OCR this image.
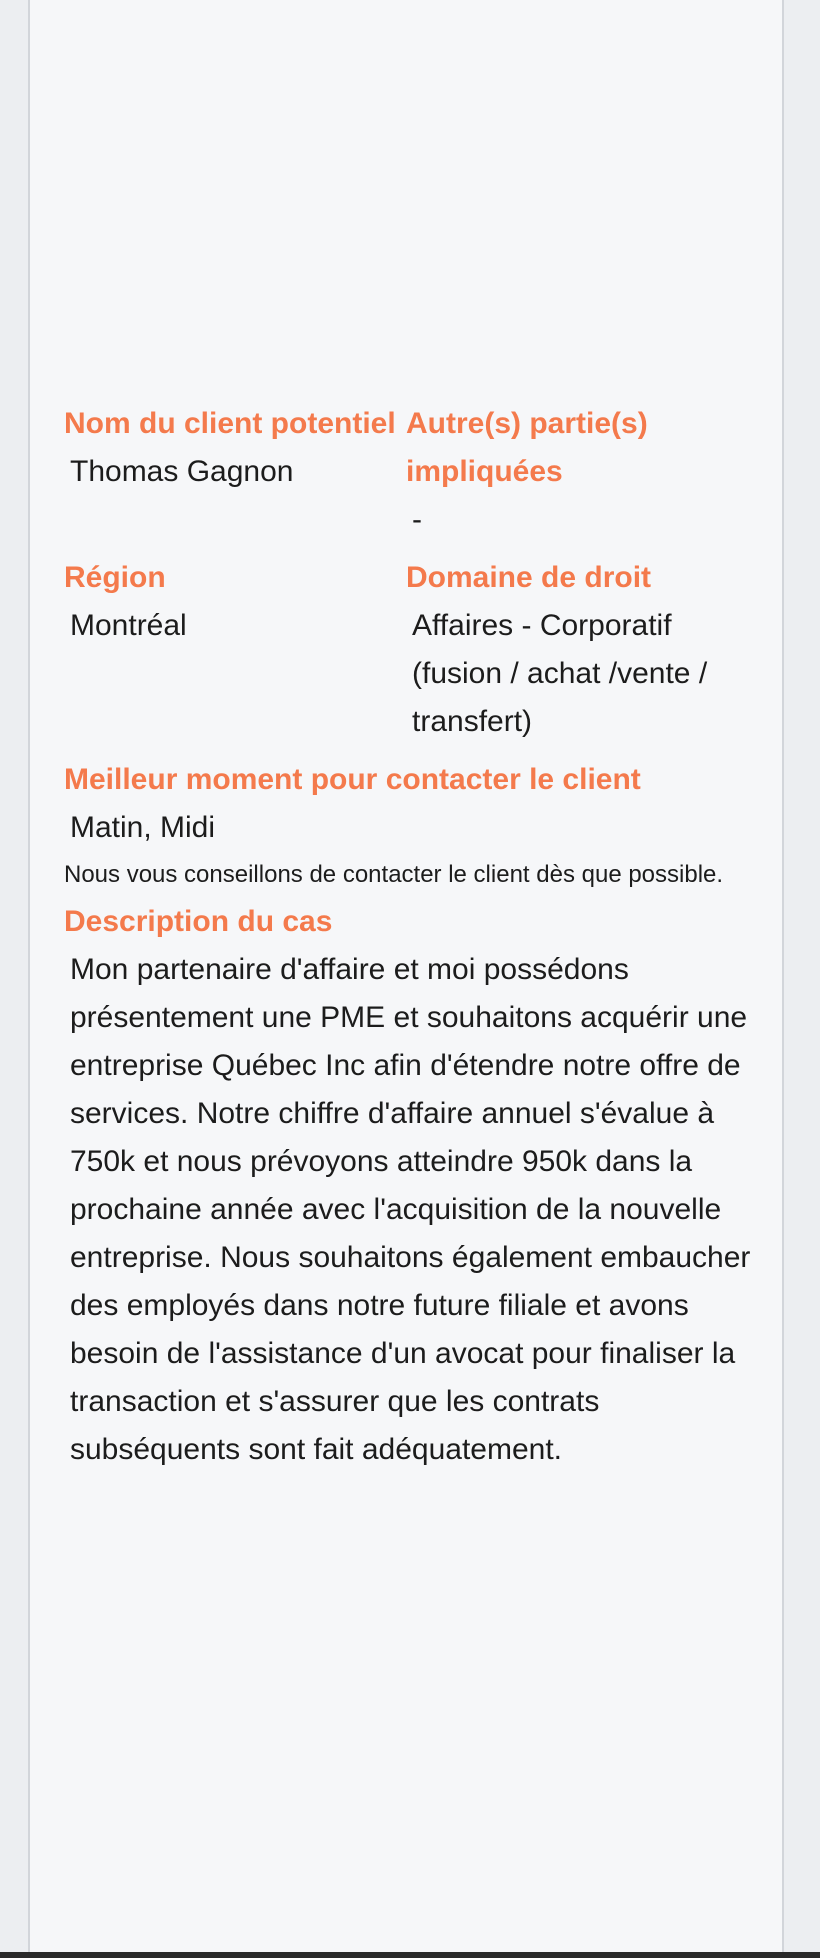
Nom du client potentiel

Thomas Gagnon

Autre(s) partie(s) impliquées

-

Région

Montréal

Domaine de droit

Affaires - Corporatif (fusion / achat /vente / transfert)

Meilleur moment pour contacter le client

Matin, Midi

Nous vous conseillons de contacter le client dès que possible.

Description du cas

Mon partenaire d'affaire et moi possédons présentement une PME et souhaitons acquérir une entreprise Québec Inc afin d'étendre notre offre de services. Notre chiffre d'affaire annuel s'évalue à 750k et nous prévoyons atteindre 950k dans la prochaine année avec l'acquisition de la nouvelle entreprise. Nous souhaitons également embaucher des employés dans notre future filiale et avons besoin de l'assistance d'un avocat pour finaliser la transaction et s'assurer que les contrats subséquents sont fait adéquatement.
